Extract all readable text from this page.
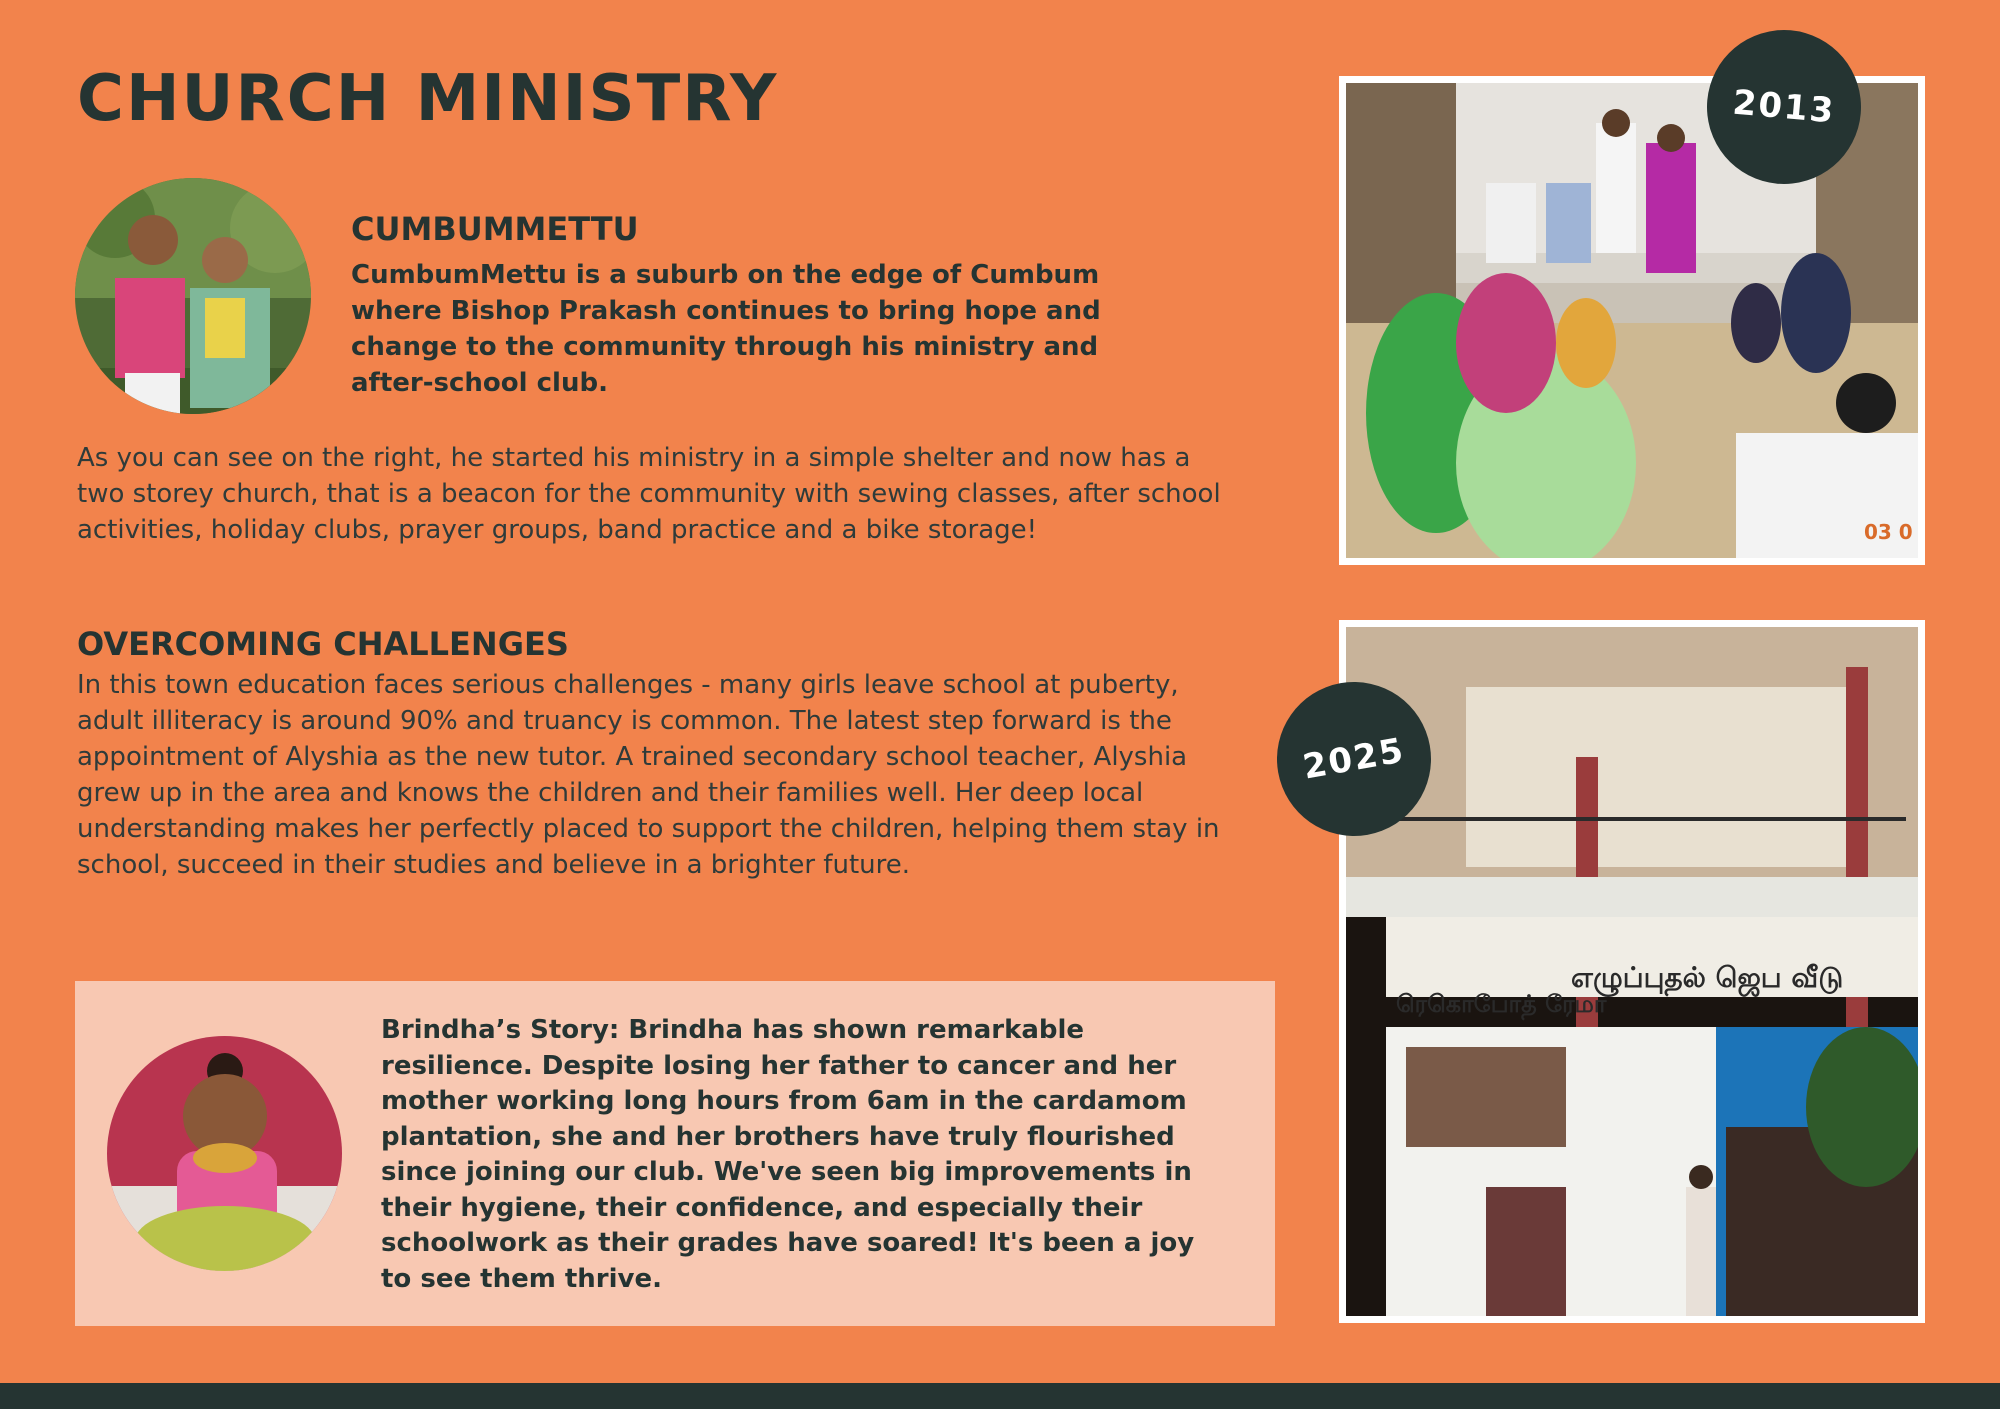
CHURCH MINISTRY
CUMBUMMETTU

CumbumMettu is a suburb on the edge of Cumbum where Bishop Prakash continues to bring hope and change to the community through his ministry and after-school club.

As you can see on the right, he started his ministry in a simple shelter and now has a two storey church, that is a beacon for the community with sewing classes, after school activities, holiday clubs, prayer groups, band practice and a bike storage!

OVERCOMING CHALLENGES

In this town education faces serious challenges - many girls leave school at puberty, adult illiteracy is around 90% and truancy is common. The latest step forward is the appointment of Alyshia as the new tutor. A trained secondary school teacher, Alyshia grew up in the area and knows the children and their families well. Her deep local understanding makes her perfectly placed to support the children, helping them stay in school, succeed in their studies and believe in a brighter future.

Brindha’s Story: Brindha has shown remarkable resilience. Despite losing her father to cancer and her mother working long hours from 6am in the cardamom plantation, she and her brothers have truly flourished since joining our club. We've seen big improvements in their hygiene, their confidence, and especially their schoolwork as their grades have soared! It's been a joy to see them thrive.

03 0
ரெகொபோத் ரேமா
எழுப்புதல் ஜெப வீடு
2013
2025
